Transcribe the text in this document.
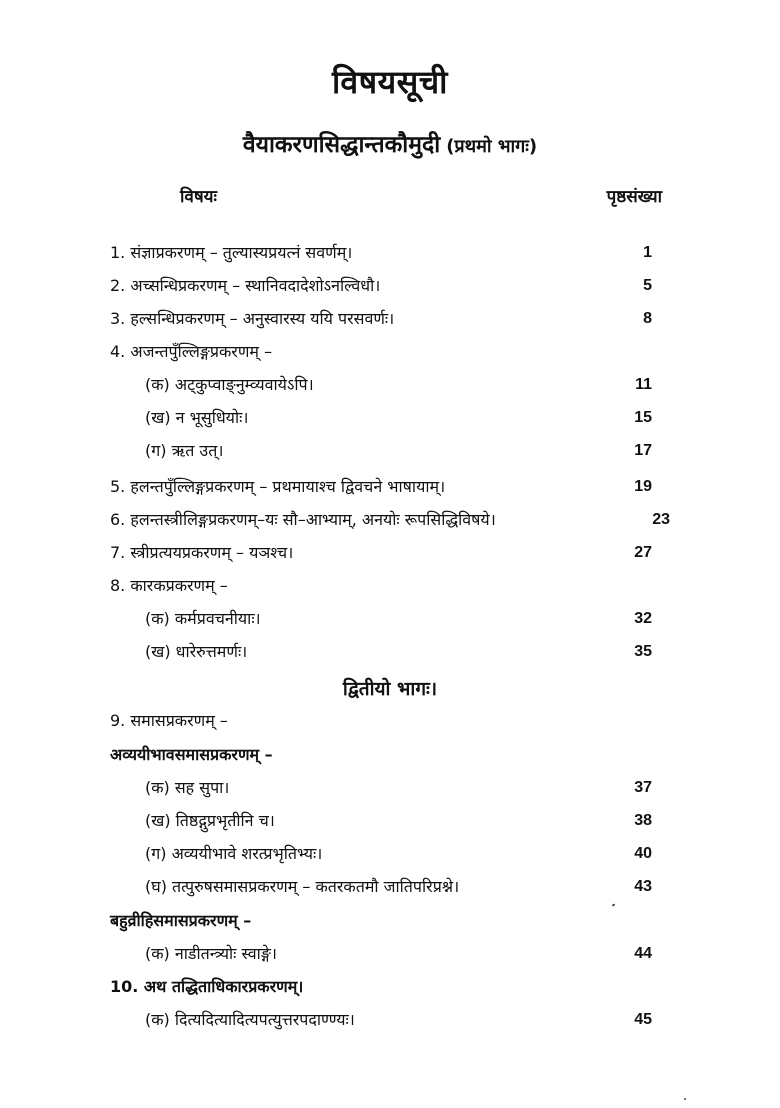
विषयसूची
वैयाकरणसिद्धान्तकौमुदी (प्रथमो भागः)
विषयः	पृष्ठसंख्या
1. संज्ञाप्रकरणम् – तुल्यास्यप्रयत्नं सवर्णम्।	1
2. अच्सन्धिप्रकरणम् – स्थानिवदादेशोऽनल्विधौ।	5
3. हल्सन्धिप्रकरणम् – अनुस्वारस्य ययि परसवर्णः।	8
4. अजन्तपुँल्लिङ्गप्रकरणम् –
(क) अट्कुप्वाङ्नुम्व्यवायेऽपि।	11
(ख) न भूसुधियोः।	15
(ग) ऋत उत्।	17
5. हलन्तपुँल्लिङ्गप्रकरणम् – प्रथमायाश्च द्विवचने भाषायाम्।	19
6. हलन्तस्त्रीलिङ्गप्रकरणम्–यः सौ–आभ्याम्, अनयोः रूपसिद्धिविषये।	23
7. स्त्रीप्रत्ययप्रकरणम् – यञश्च।	27
8. कारकप्रकरणम् –
(क) कर्मप्रवचनीयाः।	32
(ख) धारेरुत्तमर्णः।	35
द्वितीयो भागः।
9. समासप्रकरणम् –
अव्ययीभावसमासप्रकरणम् –
(क) सह सुपा।	37
(ख) तिष्ठद्गुप्रभृतीनि च।	38
(ग) अव्ययीभावे शरत्प्रभृतिभ्यः।	40
(घ) तत्पुरुषसमासप्रकरणम् – कतरकतमौ जातिपरिप्रश्ने।	43
बहुव्रीहिसमासप्रकरणम् –
(क) नाडीतन्त्र्योः स्वाङ्गे।	44
10. अथ तद्धिताधिकारप्रकरणम्।
(क) दित्यदित्यादित्यपत्युत्तरपदाण्ण्यः।	45
